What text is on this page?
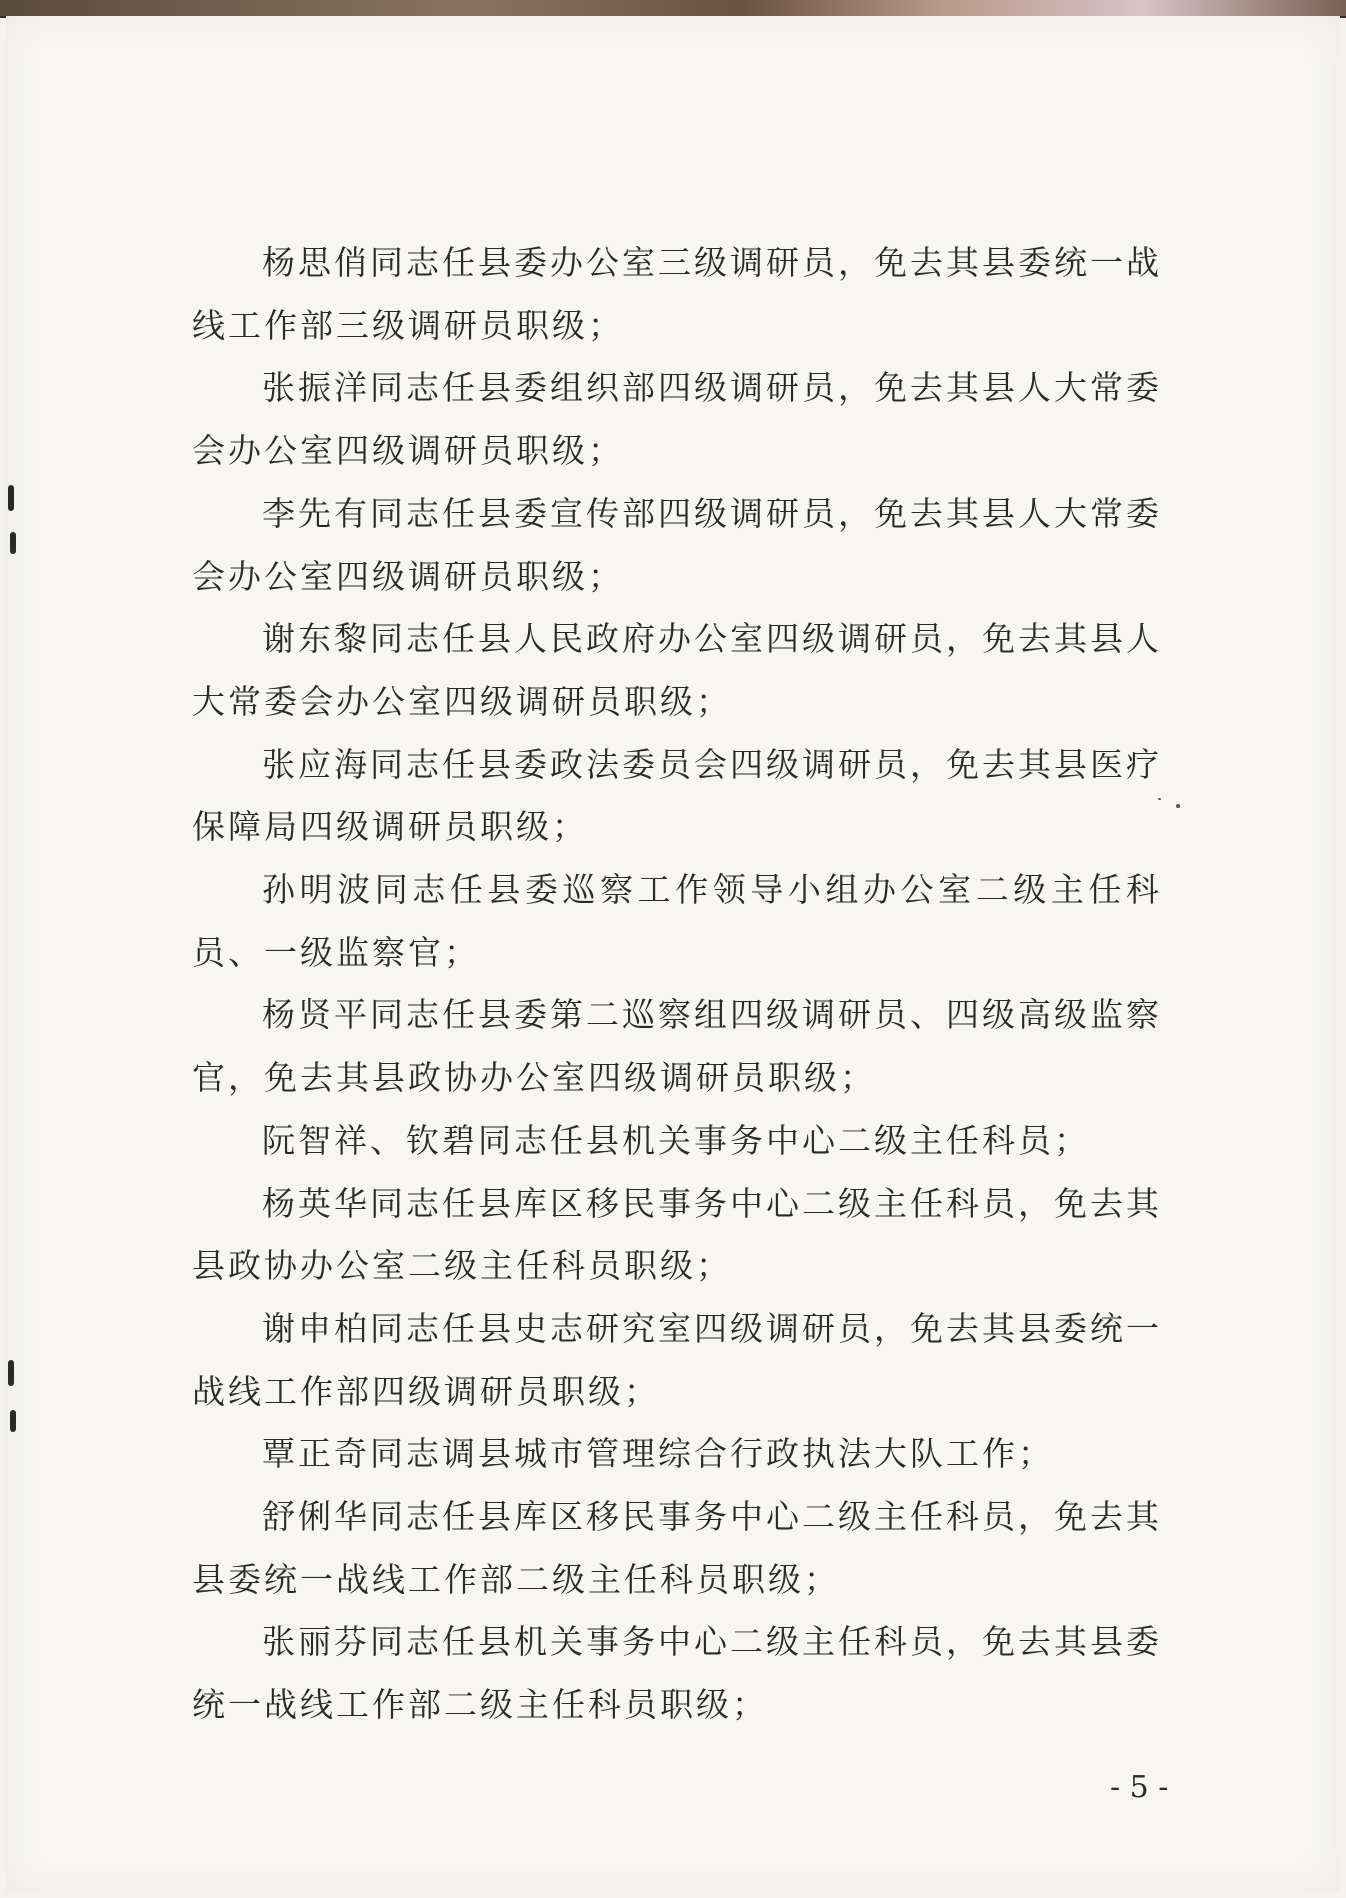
杨思俏同志任县委办公室三级调研员，免去其县委统一战线工作部三级调研员职级；

张振洋同志任县委组织部四级调研员，免去其县人大常委会办公室四级调研员职级；

李先有同志任县委宣传部四级调研员，免去其县人大常委会办公室四级调研员职级；

谢东黎同志任县人民政府办公室四级调研员，免去其县人大常委会办公室四级调研员职级；

张应海同志任县委政法委员会四级调研员，免去其县医疗保障局四级调研员职级；

孙明波同志任县委巡察工作领导小组办公室二级主任科员、一级监察官；

杨贤平同志任县委第二巡察组四级调研员、四级高级监察官，免去其县政协办公室四级调研员职级；

阮智祥、钦碧同志任县机关事务中心二级主任科员；

杨英华同志任县库区移民事务中心二级主任科员，免去其县政协办公室二级主任科员职级；

谢申柏同志任县史志研究室四级调研员，免去其县委统一战线工作部四级调研员职级；

覃正奇同志调县城市管理综合行政执法大队工作；

舒俐华同志任县库区移民事务中心二级主任科员，免去其县委统一战线工作部二级主任科员职级；

张丽芬同志任县机关事务中心二级主任科员，免去其县委统一战线工作部二级主任科员职级；

- 5 -
